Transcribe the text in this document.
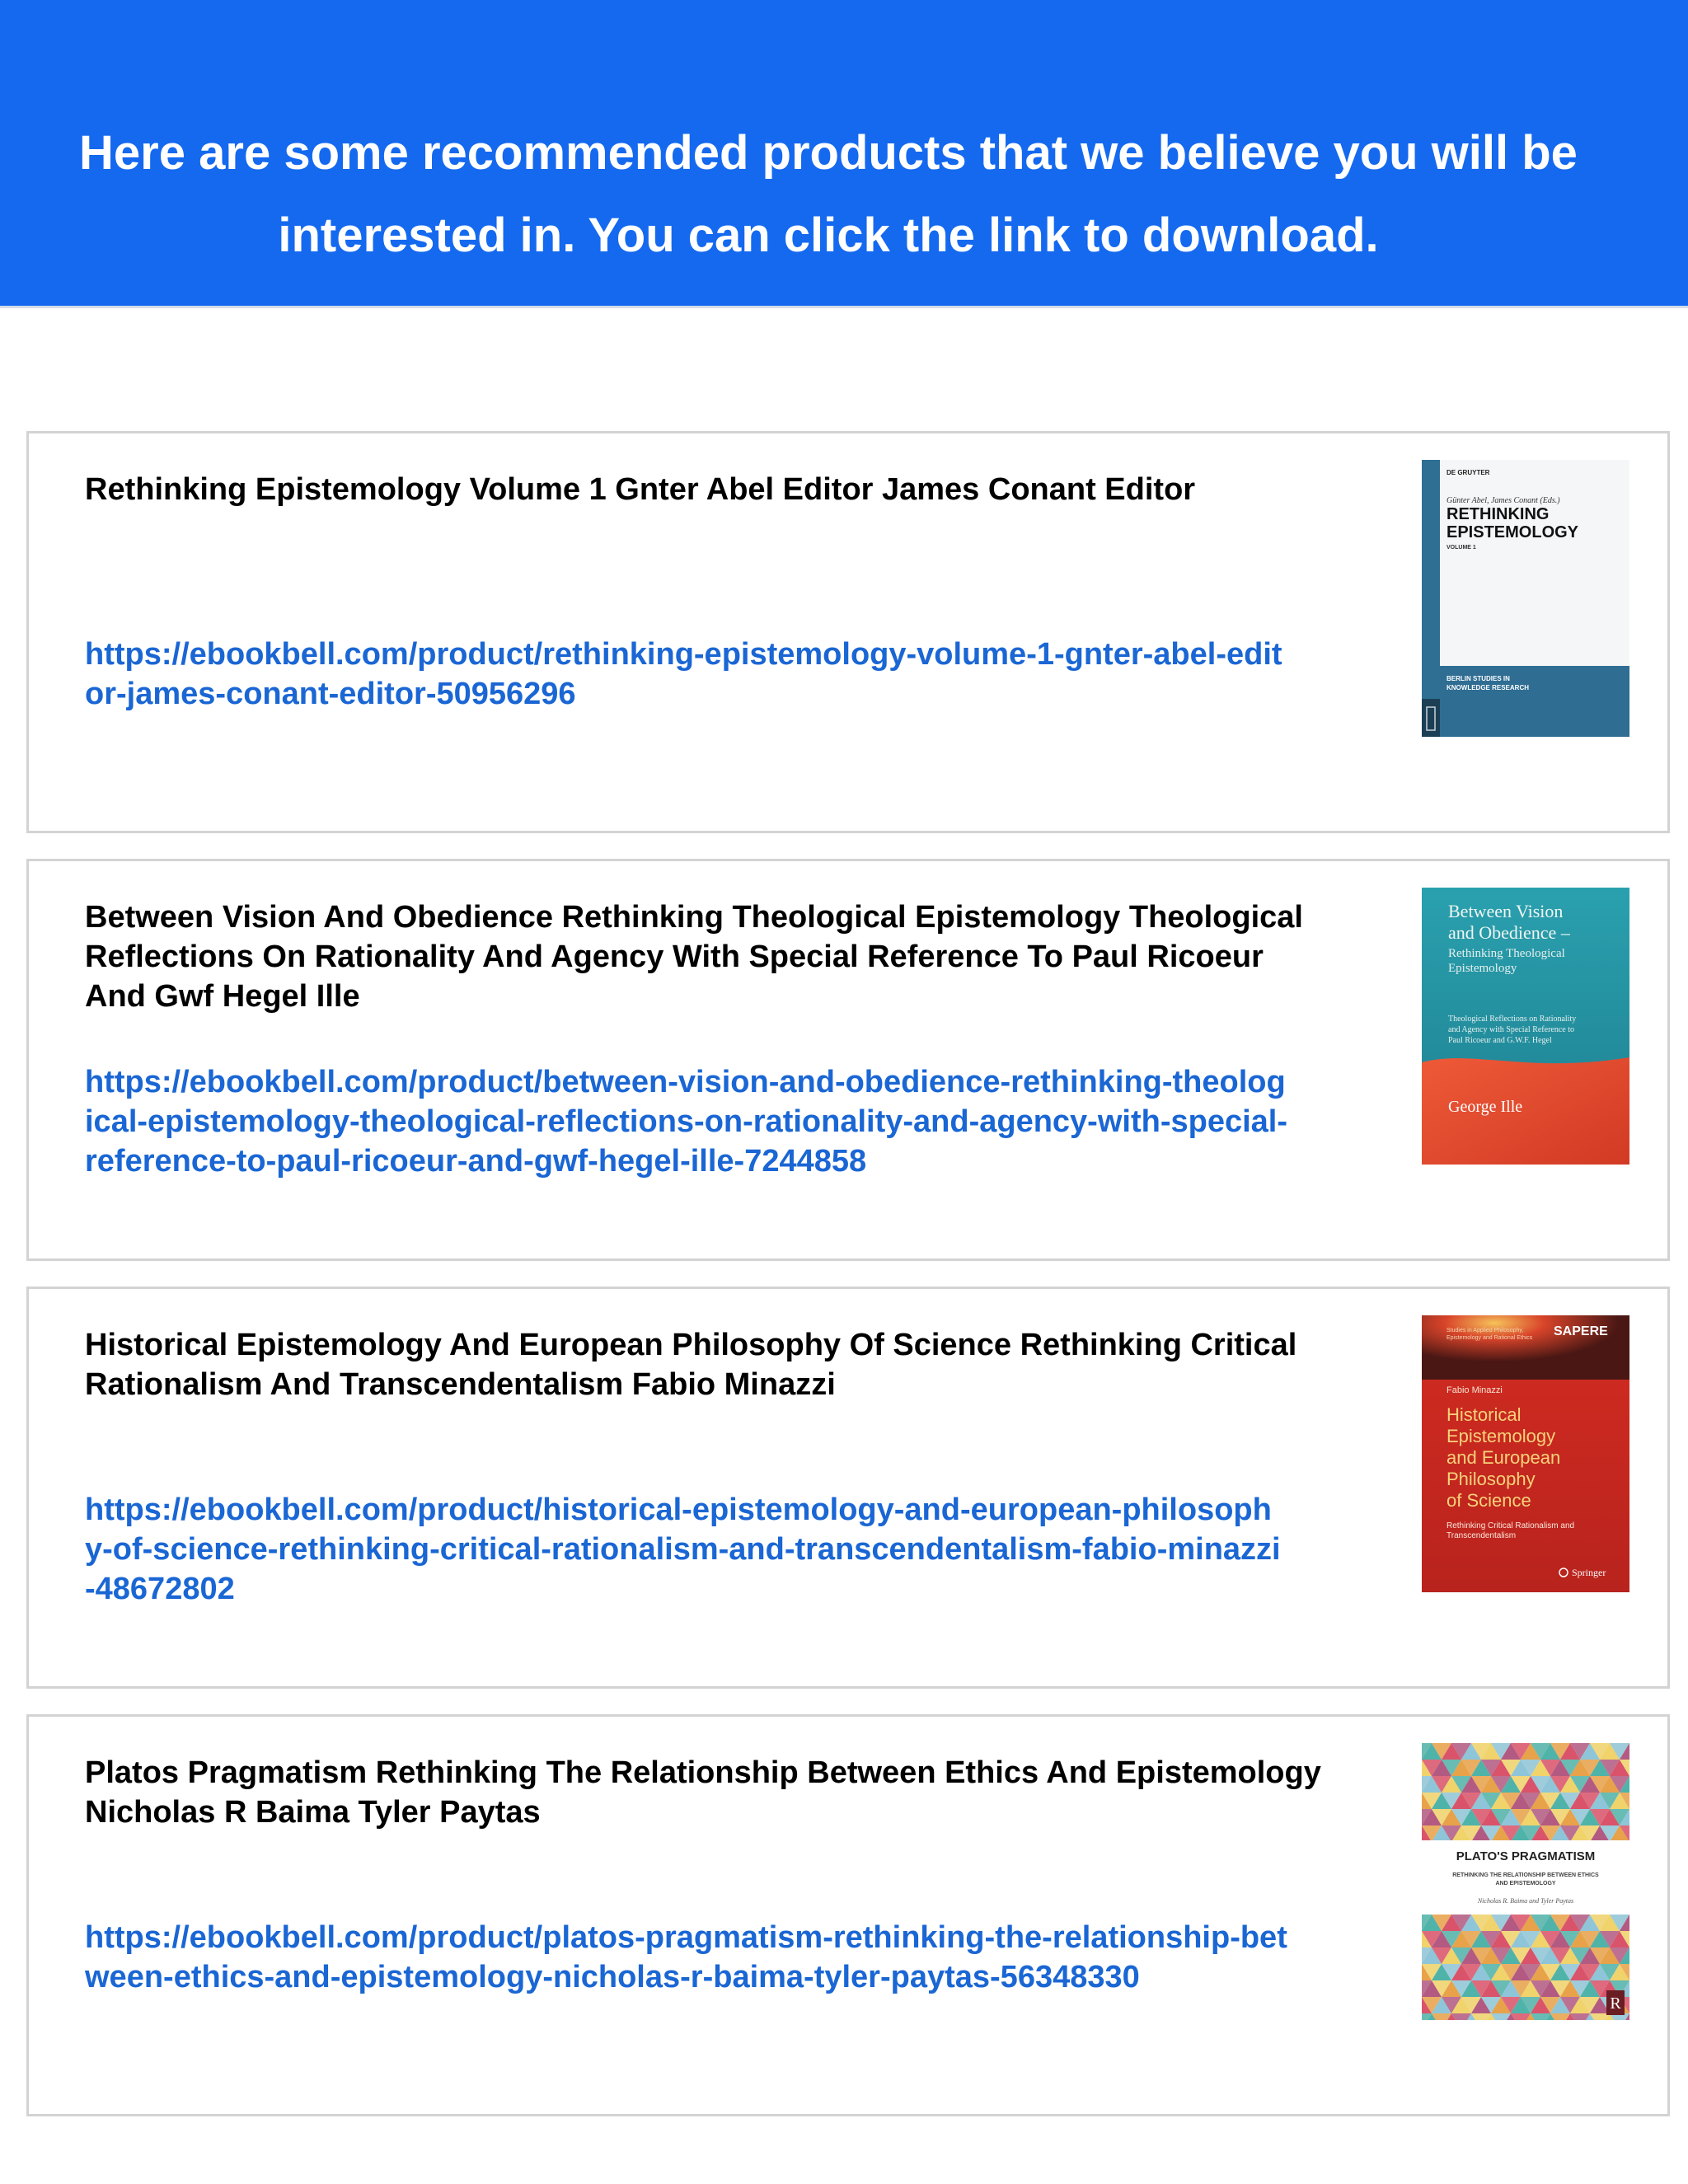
Here are some recommended products that we believe you will be
interested in. You can click the link to download.

Rethinking Epistemology Volume 1 Gnter Abel Editor James Conant Editor

https://ebookbell.com/product/rethinking-epistemology-volume-1-gnter-abel-editor-james-conant-editor-50956296
DE GRUYTER
Günter Abel, James Conant (Eds.)
RETHINKING
EPISTEMOLOGY
VOLUME 1
BERLIN STUDIES IN
KNOWLEDGE RESEARCH

Between Vision And Obedience Rethinking Theological Epistemology Theological Reflections On Rationality And Agency With Special Reference To Paul Ricoeur And Gwf Hegel Ille

https://ebookbell.com/product/between-vision-and-obedience-rethinking-theological-epistemology-theological-reflections-on-rationality-and-agency-with-special-reference-to-paul-ricoeur-and-gwf-hegel-ille-7244858
Between Vision
and Obedience –
Rethinking Theological
Epistemology
Theological Reflections on Rationality
and Agency with Special Reference to
Paul Ricoeur and G.W.F. Hegel
George Ille

Historical Epistemology And European Philosophy Of Science Rethinking Critical Rationalism And Transcendentalism Fabio Minazzi

https://ebookbell.com/product/historical-epistemology-and-european-philosophy-of-science-rethinking-critical-rationalism-and-transcendentalism-fabio-minazzi-48672802
Studies in Applied Philosophy,
Epistemology and Rational Ethics SAPERE
Fabio Minazzi
Historical
Epistemology
and European
Philosophy
of Science
Rethinking Critical Rationalism and
Transcendentalism
Springer

Platos Pragmatism Rethinking The Relationship Between Ethics And Epistemology Nicholas R Baima Tyler Paytas

https://ebookbell.com/product/platos-pragmatism-rethinking-the-relationship-between-ethics-and-epistemology-nicholas-r-baima-tyler-paytas-56348330
PLATO'S PRAGMATISM
RETHINKING THE RELATIONSHIP BETWEEN ETHICS
AND EPISTEMOLOGY
Nicholas R. Baima and Tyler Paytas
R
